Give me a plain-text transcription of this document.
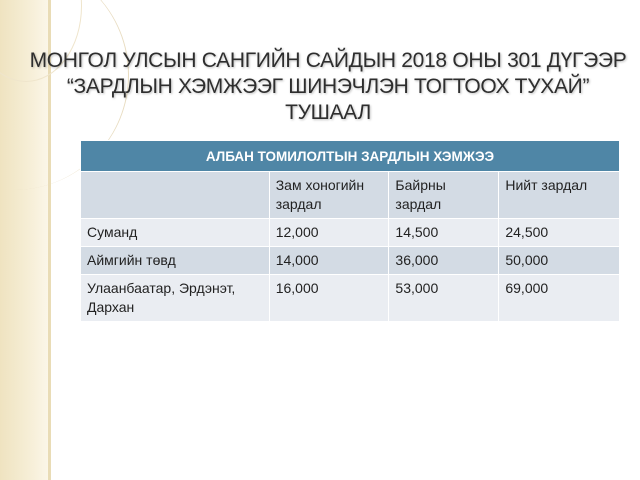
МОНГОЛ УЛСЫН САНГИЙН САЙДЫН 2018 ОНЫ 301 ДҮГЭЭР “ЗАРДЛЫН ХЭМЖЭЭГ ШИНЭЧЛЭН ТОГТООХ ТУХАЙ” ТУШААЛ
АЛБАН ТОМИЛОЛТЫН ЗАРДЛЫН ХЭМЖЭЭ			
	Зам хоногийн зардал	Байрны зардал	Нийт зардал
Суманд	12,000	14,500	24,500
Аймгийн төвд	14,000	36,000	50,000
Улаанбаатар, Эрдэнэт, Дархан	16,000	53,000	69,000
